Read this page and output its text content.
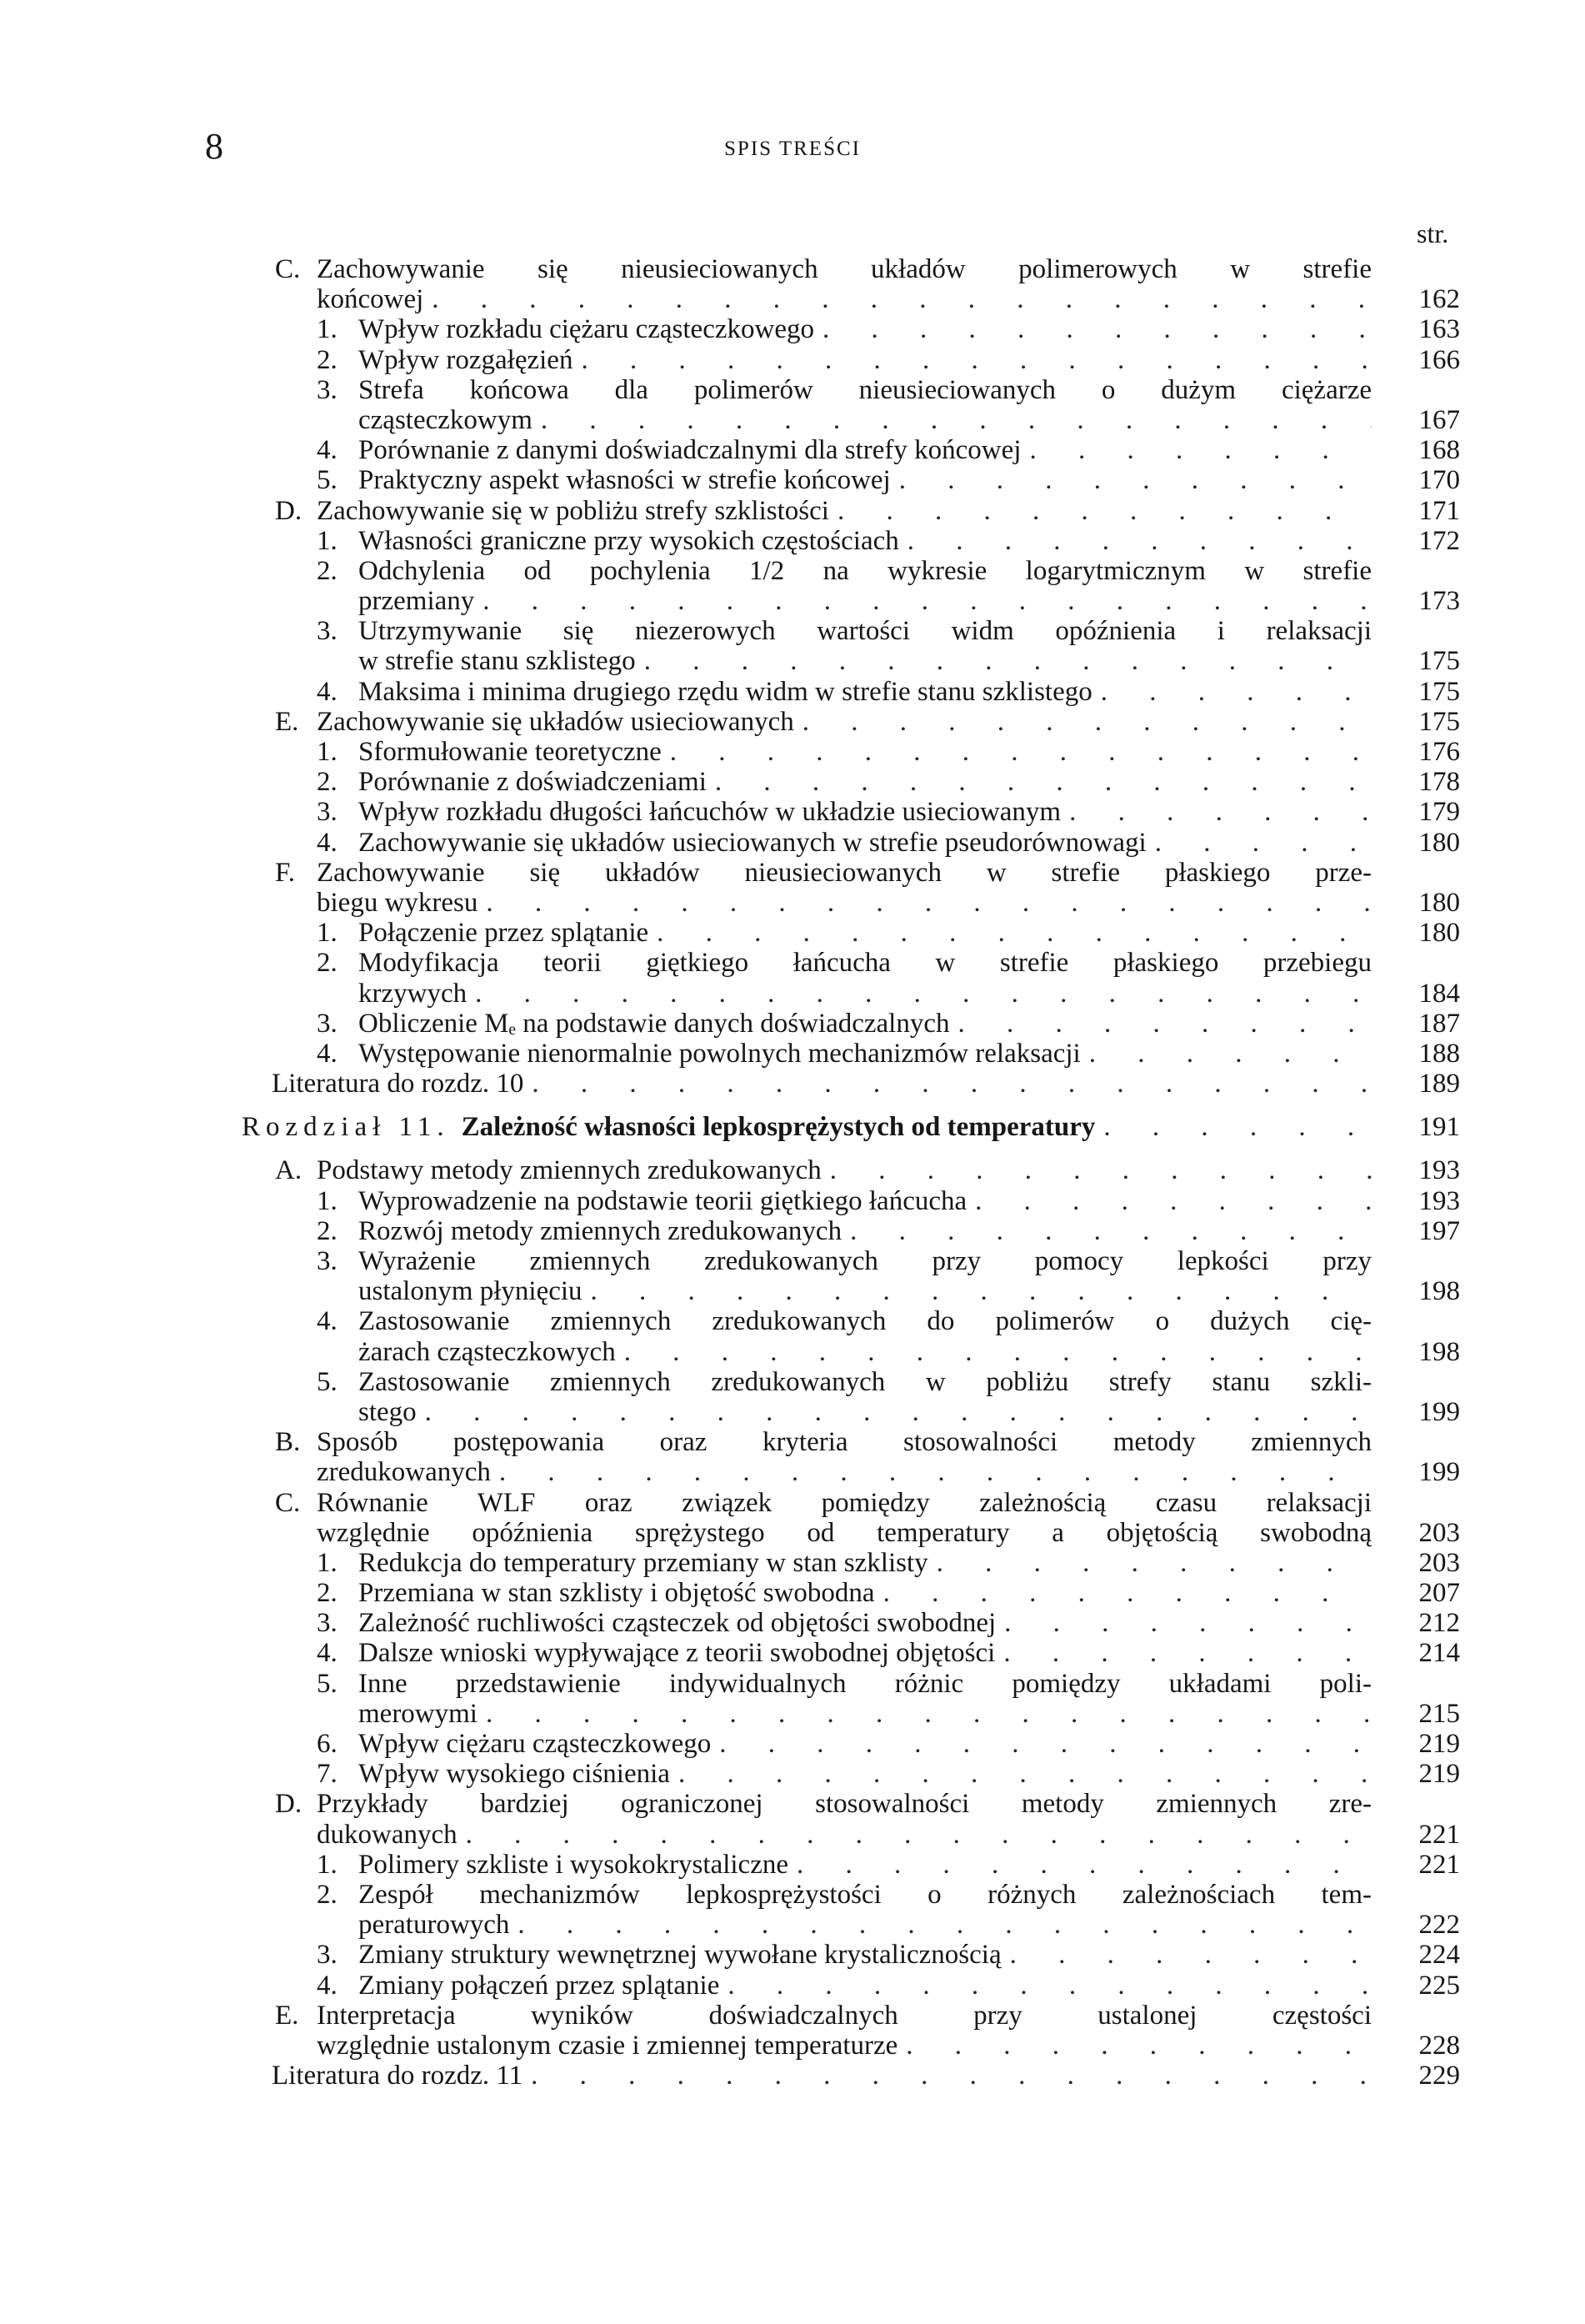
8	SPIS TREŚCI
str.
C. Zachowywanie się nieusieciowanych układów polimerowych w strefie
końcowej . . .	162
1. Wpływ rozkładu ciężaru cząsteczkowego . . .	163
2. Wpływ rozgałęzień . . .	166
3. Strefa końcowa dla polimerów nieusieciowanych o dużym ciężarze
cząsteczkowym . . .	167
4. Porównanie z danymi doświadczalnymi dla strefy końcowej . . .	168
5. Praktyczny aspekt własności w strefie końcowej . . .	170
D. Zachowywanie się w pobliżu strefy szklistości . . .	171
1. Własności graniczne przy wysokich częstościach . . .	172
2. Odchylenia od pochylenia 1/2 na wykresie logarytmicznym w strefie
przemiany . . .	173
3. Utrzymywanie się niezerowych wartości widm opóźnienia i relaksacji
w strefie stanu szklistego . . .	175
4. Maksima i minima drugiego rzędu widm w strefie stanu szklistego . . .	175
E. Zachowywanie się układów usieciowanych . . .	175
1. Sformułowanie teoretyczne . . .	176
2. Porównanie z doświadczeniami . . .	178
3. Wpływ rozkładu długości łańcuchów w układzie usieciowanym . . .	179
4. Zachowywanie się układów usieciowanych w strefie pseudorównowagi . . .	180
F. Zachowywanie się układów nieusieciowanych w strefie płaskiego prze-
biegu wykresu . . .	180
1. Połączenie przez splątanie . . .	180
2. Modyfikacja teorii giętkiego łańcucha w strefie płaskiego przebiegu
krzywych . . .	184
3. Obliczenie Mₑ na podstawie danych doświadczalnych . . .	187
4. Występowanie nienormalnie powolnych mechanizmów relaksacji . . .	188
Literatura do rozdz. 10 . . .	189
Rozdział 11. Zależność własności lepkosprężystych od temperatury . . .	191
A. Podstawy metody zmiennych zredukowanych . . .	193
1. Wyprowadzenie na podstawie teorii giętkiego łańcucha . . .	193
2. Rozwój metody zmiennych zredukowanych . . .	197
3. Wyrażenie zmiennych zredukowanych przy pomocy lepkości przy
ustalonym płynięciu . . .	198
4. Zastosowanie zmiennych zredukowanych do polimerów o dużych cię-
żarach cząsteczkowych . . .	198
5. Zastosowanie zmiennych zredukowanych w pobliżu strefy stanu szkli-
stego . . .	199
B. Sposób postępowania oraz kryteria stosowalności metody zmiennych
zredukowanych . . .	199
C. Równanie WLF oraz związek pomiędzy zależnością czasu relaksacji
względnie opóźnienia sprężystego od temperatury a objętością swobodną	203
1. Redukcja do temperatury przemiany w stan szklisty . . .	203
2. Przemiana w stan szklisty i objętość swobodna . . .	207
3. Zależność ruchliwości cząsteczek od objętości swobodnej . . .	212
4. Dalsze wnioski wypływające z teorii swobodnej objętości . . .	214
5. Inne przedstawienie indywidualnych różnic pomiędzy układami poli-
merowymi . . .	215
6. Wpływ ciężaru cząsteczkowego . . .	219
7. Wpływ wysokiego ciśnienia . . .	219
D. Przykłady bardziej ograniczonej stosowalności metody zmiennych zre-
dukowanych . . .	221
1. Polimery szkliste i wysokokrystaliczne . . .	221
2. Zespół mechanizmów lepkosprężystości o różnych zależnościach tem-
peraturowych . . .	222
3. Zmiany struktury wewnętrznej wywołane krystalicznością . . .	224
4. Zmiany połączeń przez splątanie . . .	225
E. Interpretacja wyników doświadczalnych przy ustalonej częstości
względnie ustalonym czasie i zmiennej temperaturze . . .	228
Literatura do rozdz. 11 . . .	229
